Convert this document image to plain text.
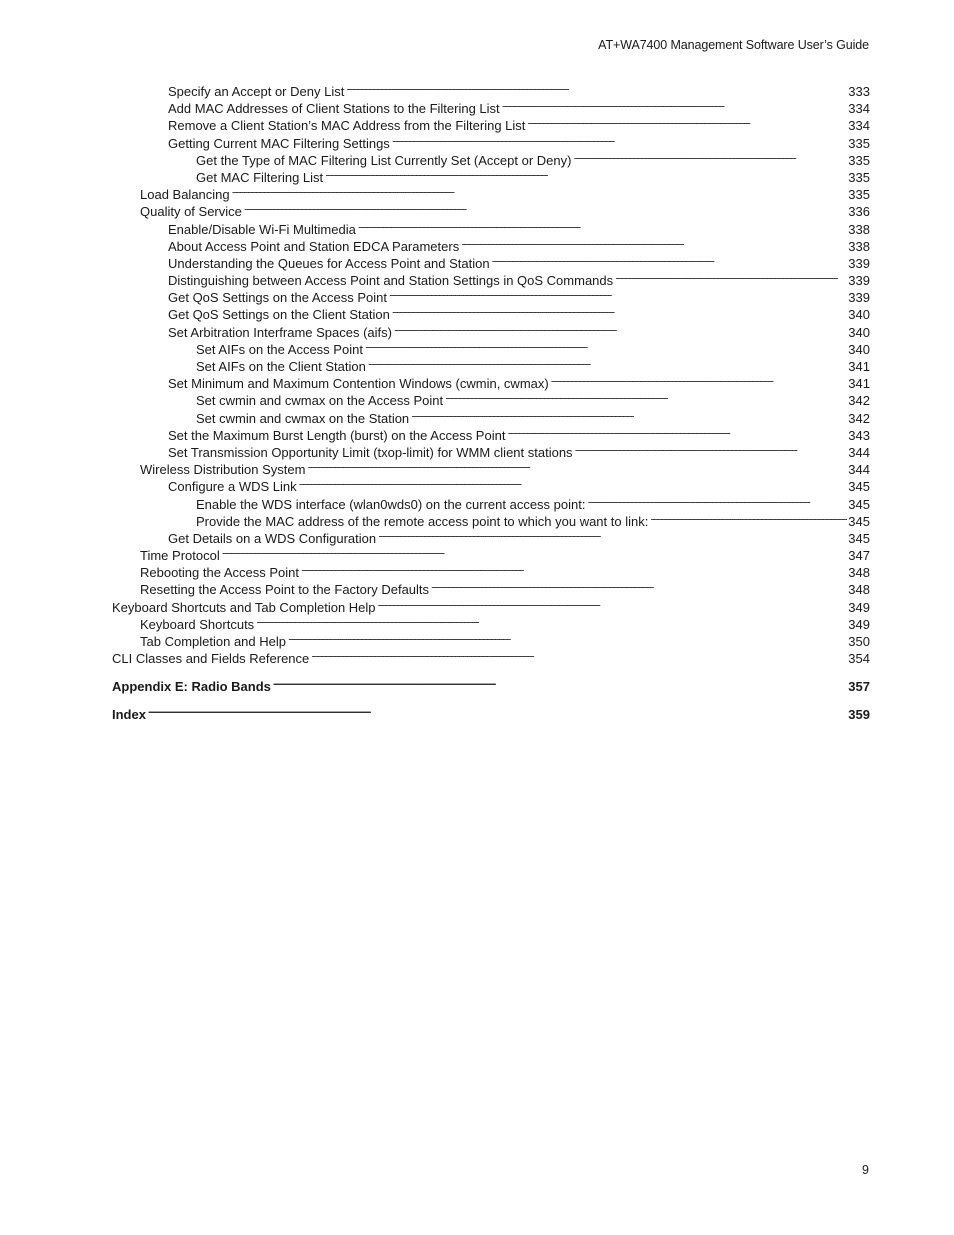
AT+WA7400 Management Software User’s Guide
Specify an Accept or Deny List . . .	333
Add MAC Addresses of Client Stations to the Filtering List . . .	334
Remove a Client Station’s MAC Address from the Filtering List . . .	334
Getting Current MAC Filtering Settings . . .	335
Get the Type of MAC Filtering List Currently Set (Accept or Deny) . . .	335
Get MAC Filtering List . . .	335
Load Balancing . . .	335
Quality of Service . . .	336
Enable/Disable Wi-Fi Multimedia . . .	338
About Access Point and Station EDCA Parameters . . .	338
Understanding the Queues for Access Point and Station . . .	339
Distinguishing between Access Point and Station Settings in QoS Commands . . .	339
Get QoS Settings on the Access Point . . .	339
Get QoS Settings on the Client Station . . .	340
Set Arbitration Interframe Spaces (aifs) . . .	340
Set AIFs on the Access Point . . .	340
Set AIFs on the Client Station . . .	341
Set Minimum and Maximum Contention Windows (cwmin, cwmax) . . .	341
Set cwmin and cwmax on the Access Point . . .	342
Set cwmin and cwmax on the Station . . .	342
Set the Maximum Burst Length (burst) on the Access Point . . .	343
Set Transmission Opportunity Limit (txop-limit) for WMM client stations . . .	344
Wireless Distribution System . . .	344
Configure a WDS Link . . .	345
Enable the WDS interface (wlan0wds0) on the current access point: . . .	345
Provide the MAC address of the remote access point to which you want to link: . . .	345
Get Details on a WDS Configuration . . .	345
Time Protocol . . .	347
Rebooting the Access Point . . .	348
Resetting the Access Point to the Factory Defaults . . .	348
Keyboard Shortcuts and Tab Completion Help . . .	349
Keyboard Shortcuts . . .	349
Tab Completion and Help . . .	350
CLI Classes and Fields Reference . . .	354
Appendix E: Radio Bands . . .	357
Index . . .	359
9
